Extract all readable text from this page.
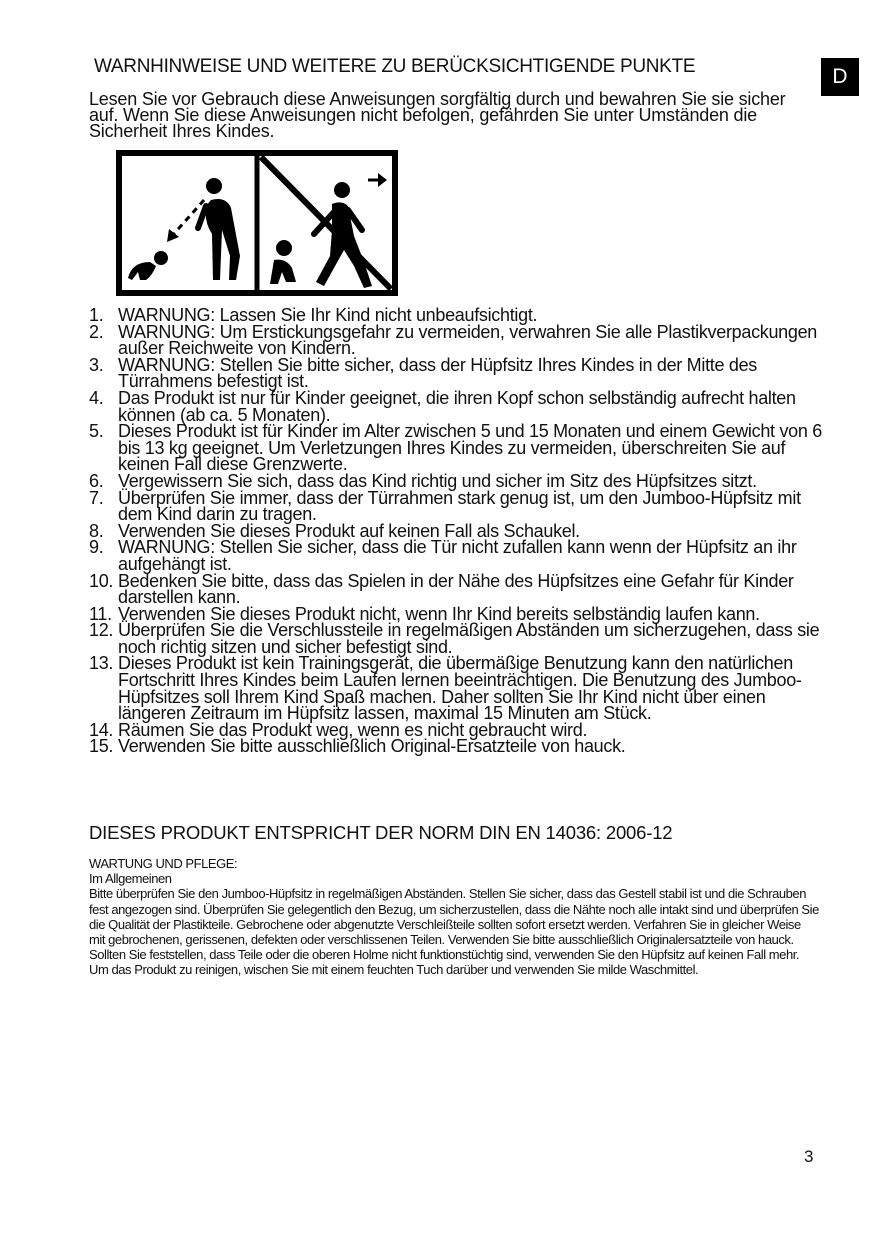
D
WARNHINWEISE UND WEITERE ZU BERÜCKSICHTIGENDE PUNKTE

Lesen Sie vor Gebrauch diese Anweisungen sorgfältig durch und bewahren Sie sie sicher auf. Wenn Sie diese Anweisungen nicht befolgen, gefährden Sie unter Umständen die Sicherheit Ihres Kindes.

1. WARNUNG: Lassen Sie Ihr Kind nicht unbeaufsichtigt.
2. WARNUNG: Um Erstickungsgefahr zu vermeiden, verwahren Sie alle Plastikverpackungen außer Reichweite von Kindern.
3. WARNUNG: Stellen Sie bitte sicher, dass der Hüpfsitz Ihres Kindes in der Mitte des Türrahmens befestigt ist.
4. Das Produkt ist nur für Kinder geeignet, die ihren Kopf schon selbständig aufrecht halten können (ab ca. 5 Monaten).
5. Dieses Produkt ist für Kinder im Alter zwischen 5 und 15 Monaten und einem Gewicht von 6 bis 13 kg geeignet. Um Verletzungen Ihres Kindes zu vermeiden, überschreiten Sie auf keinen Fall diese Grenzwerte.
6. Vergewissern Sie sich, dass das Kind richtig und sicher im Sitz des Hüpfsitzes sitzt.
7. Überprüfen Sie immer, dass der Türrahmen stark genug ist, um den Jumboo-Hüpfsitz mit dem Kind darin zu tragen.
8. Verwenden Sie dieses Produkt auf keinen Fall als Schaukel.
9. WARNUNG: Stellen Sie sicher, dass die Tür nicht zufallen kann wenn der Hüpfsitz an ihr aufgehängt ist.
10. Bedenken Sie bitte, dass das Spielen in der Nähe des Hüpfsitzes eine Gefahr für Kinder darstellen kann.
11. Verwenden Sie dieses Produkt nicht, wenn Ihr Kind bereits selbständig laufen kann.
12. Überprüfen Sie die Verschlussteile in regelmäßigen Abständen um sicherzugehen, dass sie noch richtig sitzen und sicher befestigt sind.
13. Dieses Produkt ist kein Trainingsgerät, die übermäßige Benutzung kann den natürlichen Fortschritt Ihres Kindes beim Laufen lernen beeinträchtigen. Die Benutzung des Jumboo-Hüpfsitzes soll Ihrem Kind Spaß machen. Daher sollten Sie Ihr Kind nicht über einen längeren Zeitraum im Hüpfsitz lassen, maximal 15 Minuten am Stück.
14. Räumen Sie das Produkt weg, wenn es nicht gebraucht wird.
15. Verwenden Sie bitte ausschließlich Original-Ersatzteile von hauck.
DIESES PRODUKT ENTSPRICHT DER NORM DIN EN 14036: 2006-12

WARTUNG UND PFLEGE:

Im Allgemeinen

Bitte überprüfen Sie den Jumboo-Hüpfsitz in regelmäßigen Abständen. Stellen Sie sicher, dass das Gestell stabil ist und die Schrauben fest angezogen sind. Überprüfen Sie gelegentlich den Bezug, um sicherzustellen, dass die Nähte noch alle intakt sind und überprüfen Sie die Qualität der Plastikteile. Gebrochene oder abgenutzte Verschleißteile sollten sofort ersetzt werden. Verfahren Sie in gleicher Weise mit gebrochenen, gerissenen, defekten oder verschlissenen Teilen. Verwenden Sie bitte ausschließlich Originalersatzteile von hauck.

Sollten Sie feststellen, dass Teile oder die oberen Holme nicht funktionstüchtig sind, verwenden Sie den Hüpfsitz auf keinen Fall mehr.

Um das Produkt zu reinigen, wischen Sie mit einem feuchten Tuch darüber und verwenden Sie milde Waschmittel.

3
